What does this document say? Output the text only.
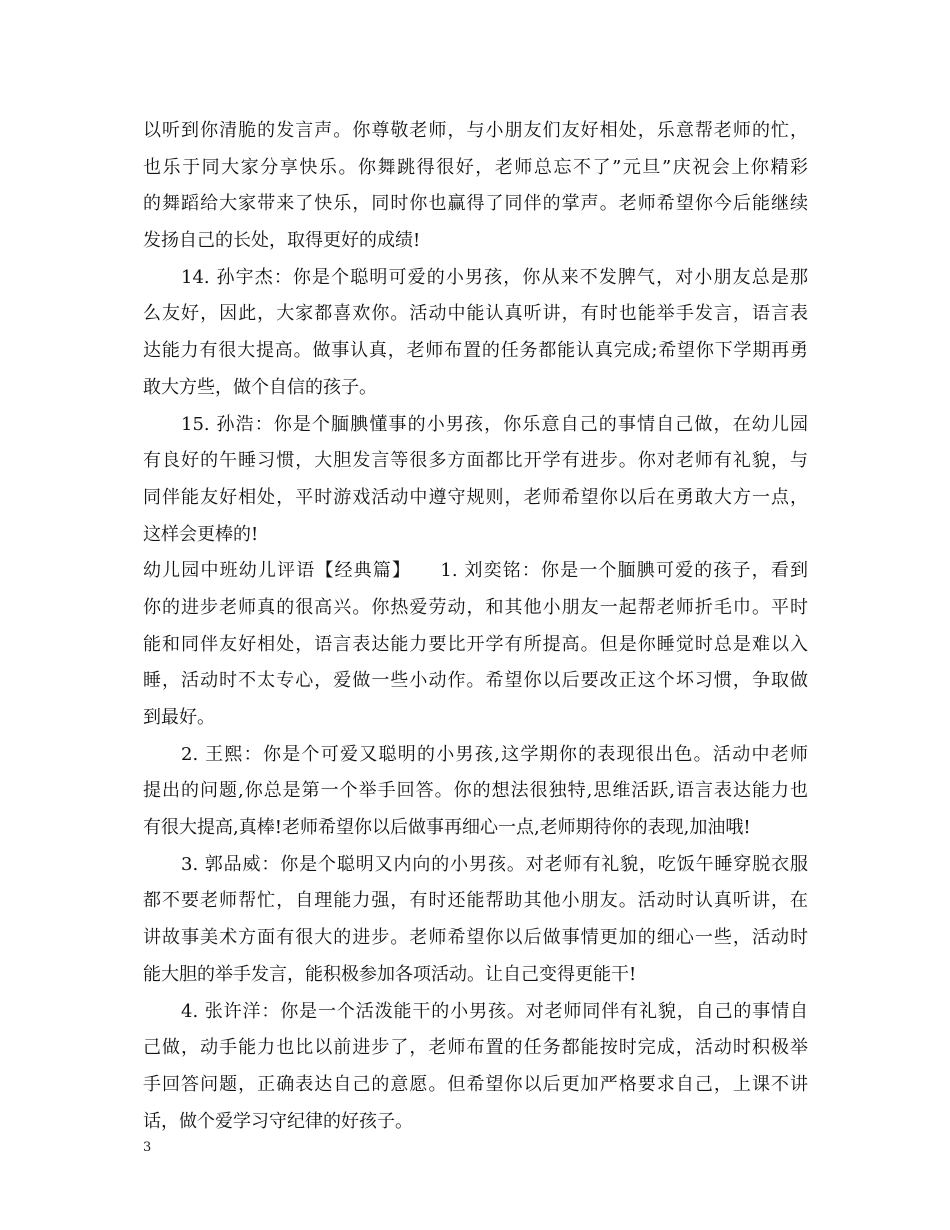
以听到你清脆的发言声。你尊敬老师，与小朋友们友好相处，乐意帮老师的忙，
也乐于同大家分享快乐。你舞跳得很好，老师总忘不了”元旦”庆祝会上你精彩
的舞蹈给大家带来了快乐，同时你也赢得了同伴的掌声。老师希望你今后能继续
发扬自己的长处，取得更好的成绩!
14. 孙宇杰：你是个聪明可爱的小男孩，你从来不发脾气，对小朋友总是那
么友好，因此，大家都喜欢你。活动中能认真听讲，有时也能举手发言，语言表
达能力有很大提高。做事认真，老师布置的任务都能认真完成;希望你下学期再勇
敢大方些，做个自信的孩子。
15. 孙浩：你是个腼腆懂事的小男孩，你乐意自己的事情自己做，在幼儿园
有良好的午睡习惯，大胆发言等很多方面都比开学有进步。你对老师有礼貌，与
同伴能友好相处，平时游戏活动中遵守规则，老师希望你以后在勇敢大方一点，
这样会更棒的!
幼儿园中班幼儿评语【经典篇】　　1. 刘奕铭：你是一个腼腆可爱的孩子，看到
你的进步老师真的很高兴。你热爱劳动，和其他小朋友一起帮老师折毛巾。平时
能和同伴友好相处，语言表达能力要比开学有所提高。但是你睡觉时总是难以入
睡，活动时不太专心，爱做一些小动作。希望你以后要改正这个坏习惯，争取做
到最好。
2. 王熙：你是个可爱又聪明的小男孩,这学期你的表现很出色。活动中老师
提出的问题,你总是第一个举手回答。你的想法很独特,思维活跃,语言表达能力也
有很大提高,真棒!老师希望你以后做事再细心一点,老师期待你的表现,加油哦!
3. 郭品威：你是个聪明又内向的小男孩。对老师有礼貌，吃饭午睡穿脱衣服
都不要老师帮忙，自理能力强，有时还能帮助其他小朋友。活动时认真听讲，在
讲故事美术方面有很大的进步。老师希望你以后做事情更加的细心一些，活动时
能大胆的举手发言，能积极参加各项活动。让自己变得更能干!
4. 张许洋：你是一个活泼能干的小男孩。对老师同伴有礼貌，自己的事情自
己做，动手能力也比以前进步了，老师布置的任务都能按时完成，活动时积极举
手回答问题，正确表达自己的意愿。但希望你以后更加严格要求自己，上课不讲
话，做个爱学习守纪律的好孩子。
3
